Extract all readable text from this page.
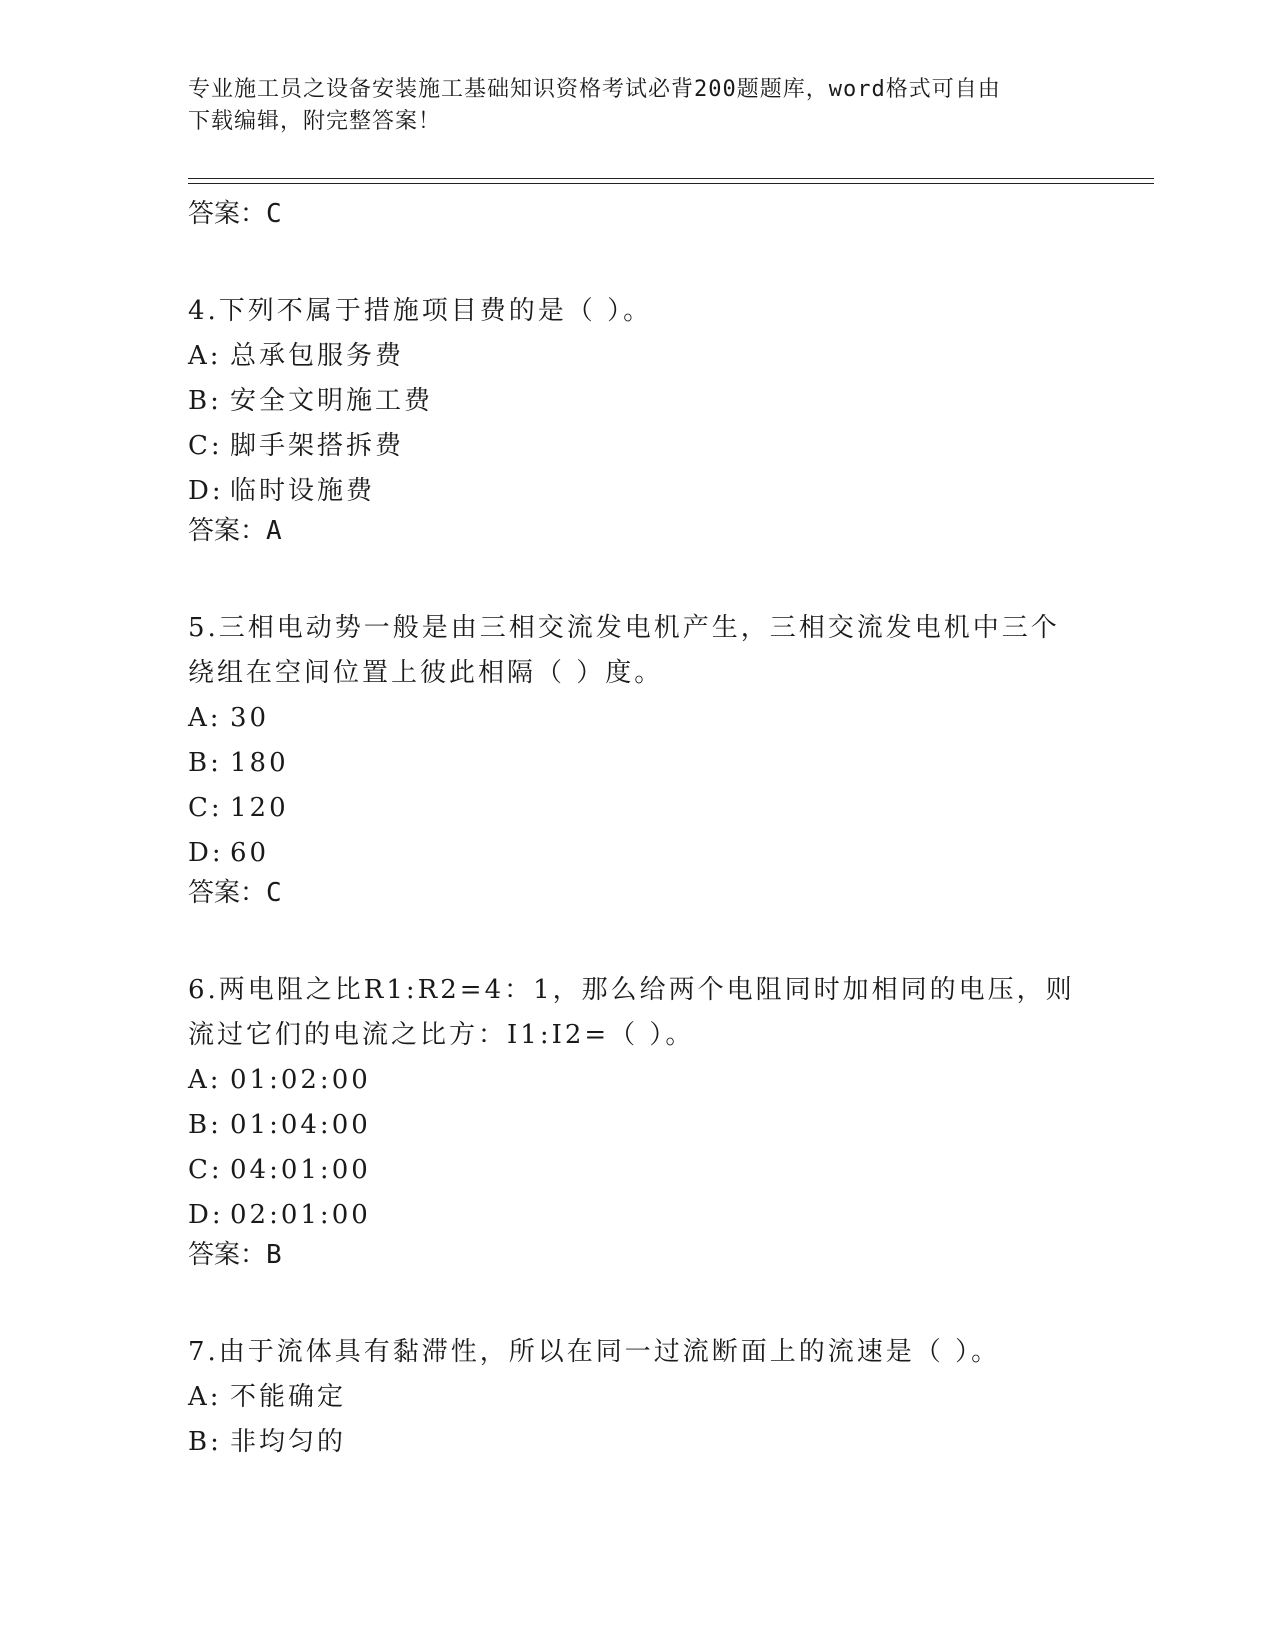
专业施工员之设备安装施工基础知识资格考试必背200题题库，word格式可自由
下载编辑，附完整答案！
答案：C
4.下列不属于措施项目费的是（ ）。
A: 总承包服务费
B: 安全文明施工费
C: 脚手架搭拆费
D: 临时设施费
答案：A
5.三相电动势一般是由三相交流发电机产生，三相交流发电机中三个绕组在空间位置上彼此相隔（ ）度。
A: 30
B: 180
C: 120
D: 60
答案：C
6.两电阻之比R1:R2=4：1，那么给两个电阻同时加相同的电压，则流过它们的电流之比方：I1:I2=（ ）。
A: 01:02:00
B: 01:04:00
C: 04:01:00
D: 02:01:00
答案：B
7.由于流体具有黏滞性，所以在同一过流断面上的流速是（ ）。
A: 不能确定
B: 非均匀的
